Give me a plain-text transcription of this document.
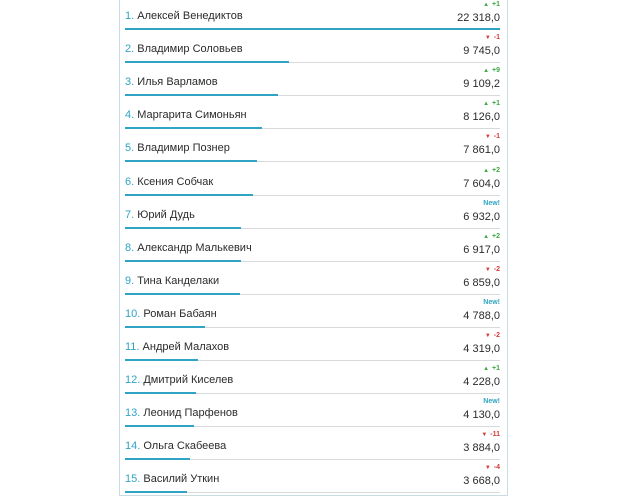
1. Алексей Венедиктов
▲ +1
22 318,0
2. Владимир Соловьев
▼ -1
9 745,0
3. Илья Варламов
▲ +9
9 109,2
4. Маргарита Симоньян
▲ +1
8 126,0
5. Владимир Познер
▼ -1
7 861,0
6. Ксения Собчак
▲ +2
7 604,0
7. Юрий Дудь
New!
6 932,0
8. Александр Малькевич
▲ +2
6 917,0
9. Тина Канделаки
▼ -2
6 859,0
10. Роман Бабаян
New!
4 788,0
11. Андрей Малахов
▼ -2
4 319,0
12. Дмитрий Киселев
▲ +1
4 228,0
13. Леонид Парфенов
New!
4 130,0
14. Ольга Скабеева
▼ -11
3 884,0
15. Василий Уткин
▼ -4
3 668,0
